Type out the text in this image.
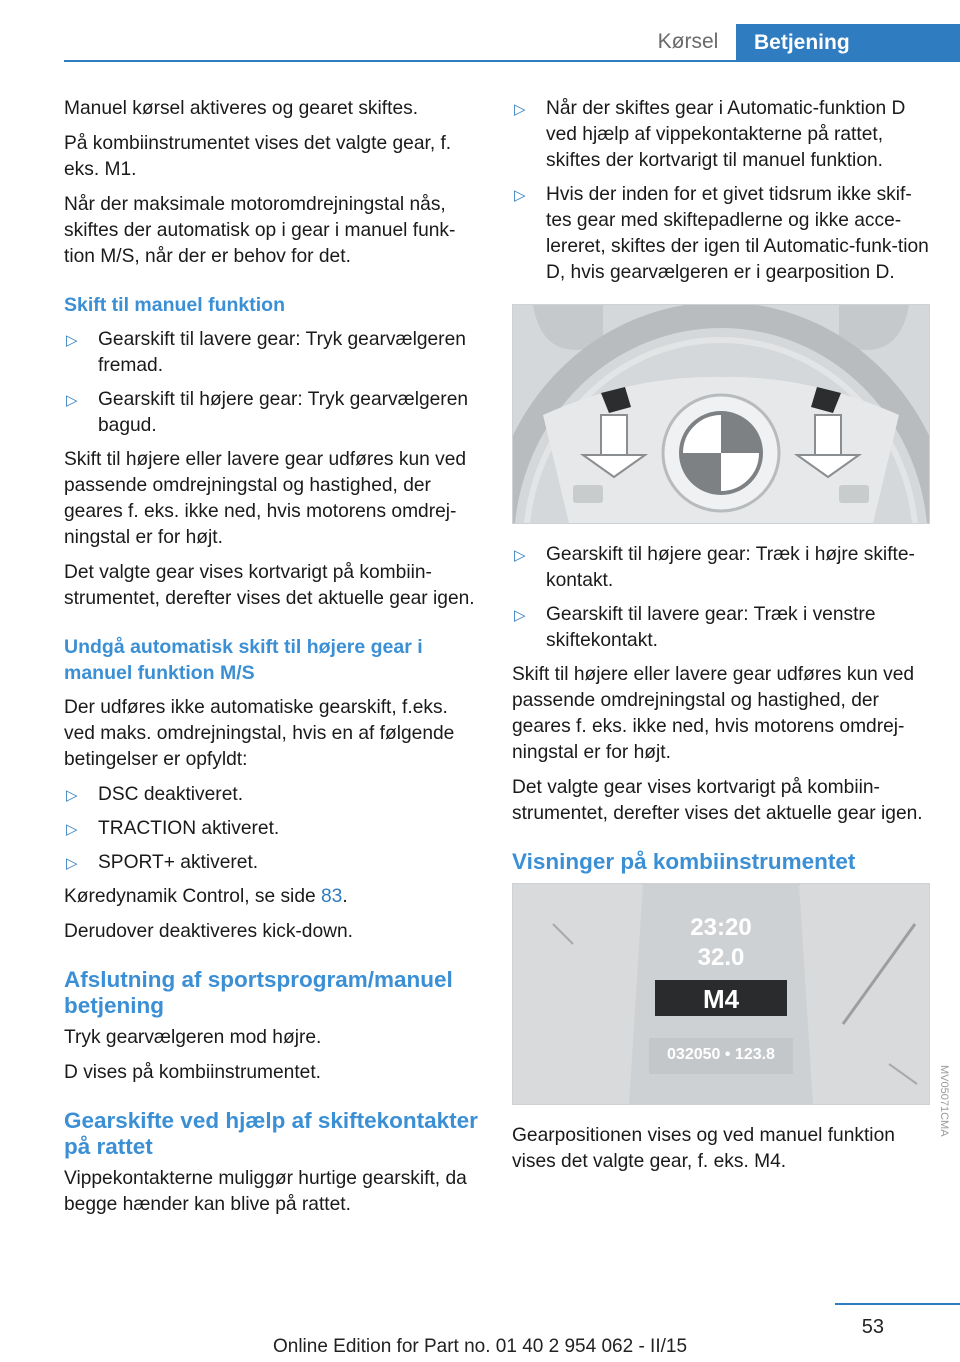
Kørsel	Betjening

Manuel kørsel aktiveres og gearet skiftes.

På kombiinstrumentet vises det valgte gear, f. eks. M1.

Når der maksimale motoromdrejningstal nås, skiftes der automatisk op i gear i manuel funk‐tion M/S, når der er behov for det.

Skift til manuel funktion
▷ Gearskift til lavere gear: Tryk gearvælgeren fremad.
▷ Gearskift til højere gear: Tryk gearvælgeren bagud.

Skift til højere eller lavere gear udføres kun ved passende omdrejningstal og hastighed, der geares f. eks. ikke ned, hvis motorens omdrej‐ningstal er for højt.

Det valgte gear vises kortvarigt på kombiin‐strumentet, derefter vises det aktuelle gear igen.

Undgå automatisk skift til højere gear i manuel funktion M/S

Der udføres ikke automatiske gearskift, f.eks. ved maks. omdrejningstal, hvis en af følgende betingelser er opfyldt:

▷ DSC deaktiveret.
▷ TRACTION aktiveret.
▷ SPORT+ aktiveret.

Køredynamik Control, se side 83.

Derudover deaktiveres kick-down.

Afslutning af sportsprogram/manuel betjening

Tryk gearvælgeren mod højre.

D vises på kombiinstrumentet.

Gearskifte ved hjælp af skiftekontakter på rattet

Vippekontakterne muliggør hurtige gearskift, da begge hænder kan blive på rattet.

▷ Når der skiftes gear i Automatic-funktion D ved hjælp af vippekontakterne på rattet, skiftes der kortvarigt til manuel funktion.
▷ Hvis der inden for et givet tidsrum ikke skif‐tes gear med skiftepadlerne og ikke acce‐lereret, skiftes der igen til Automatic-funk‐tion D, hvis gearvælgeren er i gearposition D.
▷ Gearskift til højere gear: Træk i højre skifte‐kontakt.
▷ Gearskift til lavere gear: Træk i venstre skiftekontakt.

Skift til højere eller lavere gear udføres kun ved passende omdrejningstal og hastighed, der geares f. eks. ikke ned, hvis motorens omdrej‐ningstal er for højt.

Det valgte gear vises kortvarigt på kombiin‐strumentet, derefter vises det aktuelle gear igen.

Visninger på kombiinstrumentet
23:20
32.0
M4
032050 • 123.8

Gearpositionen vises og ved manuel funktion vises det valgte gear, f. eks. M4.

MV05071CMA
53
Online Edition for Part no. 01 40 2 954 062 - II/15
